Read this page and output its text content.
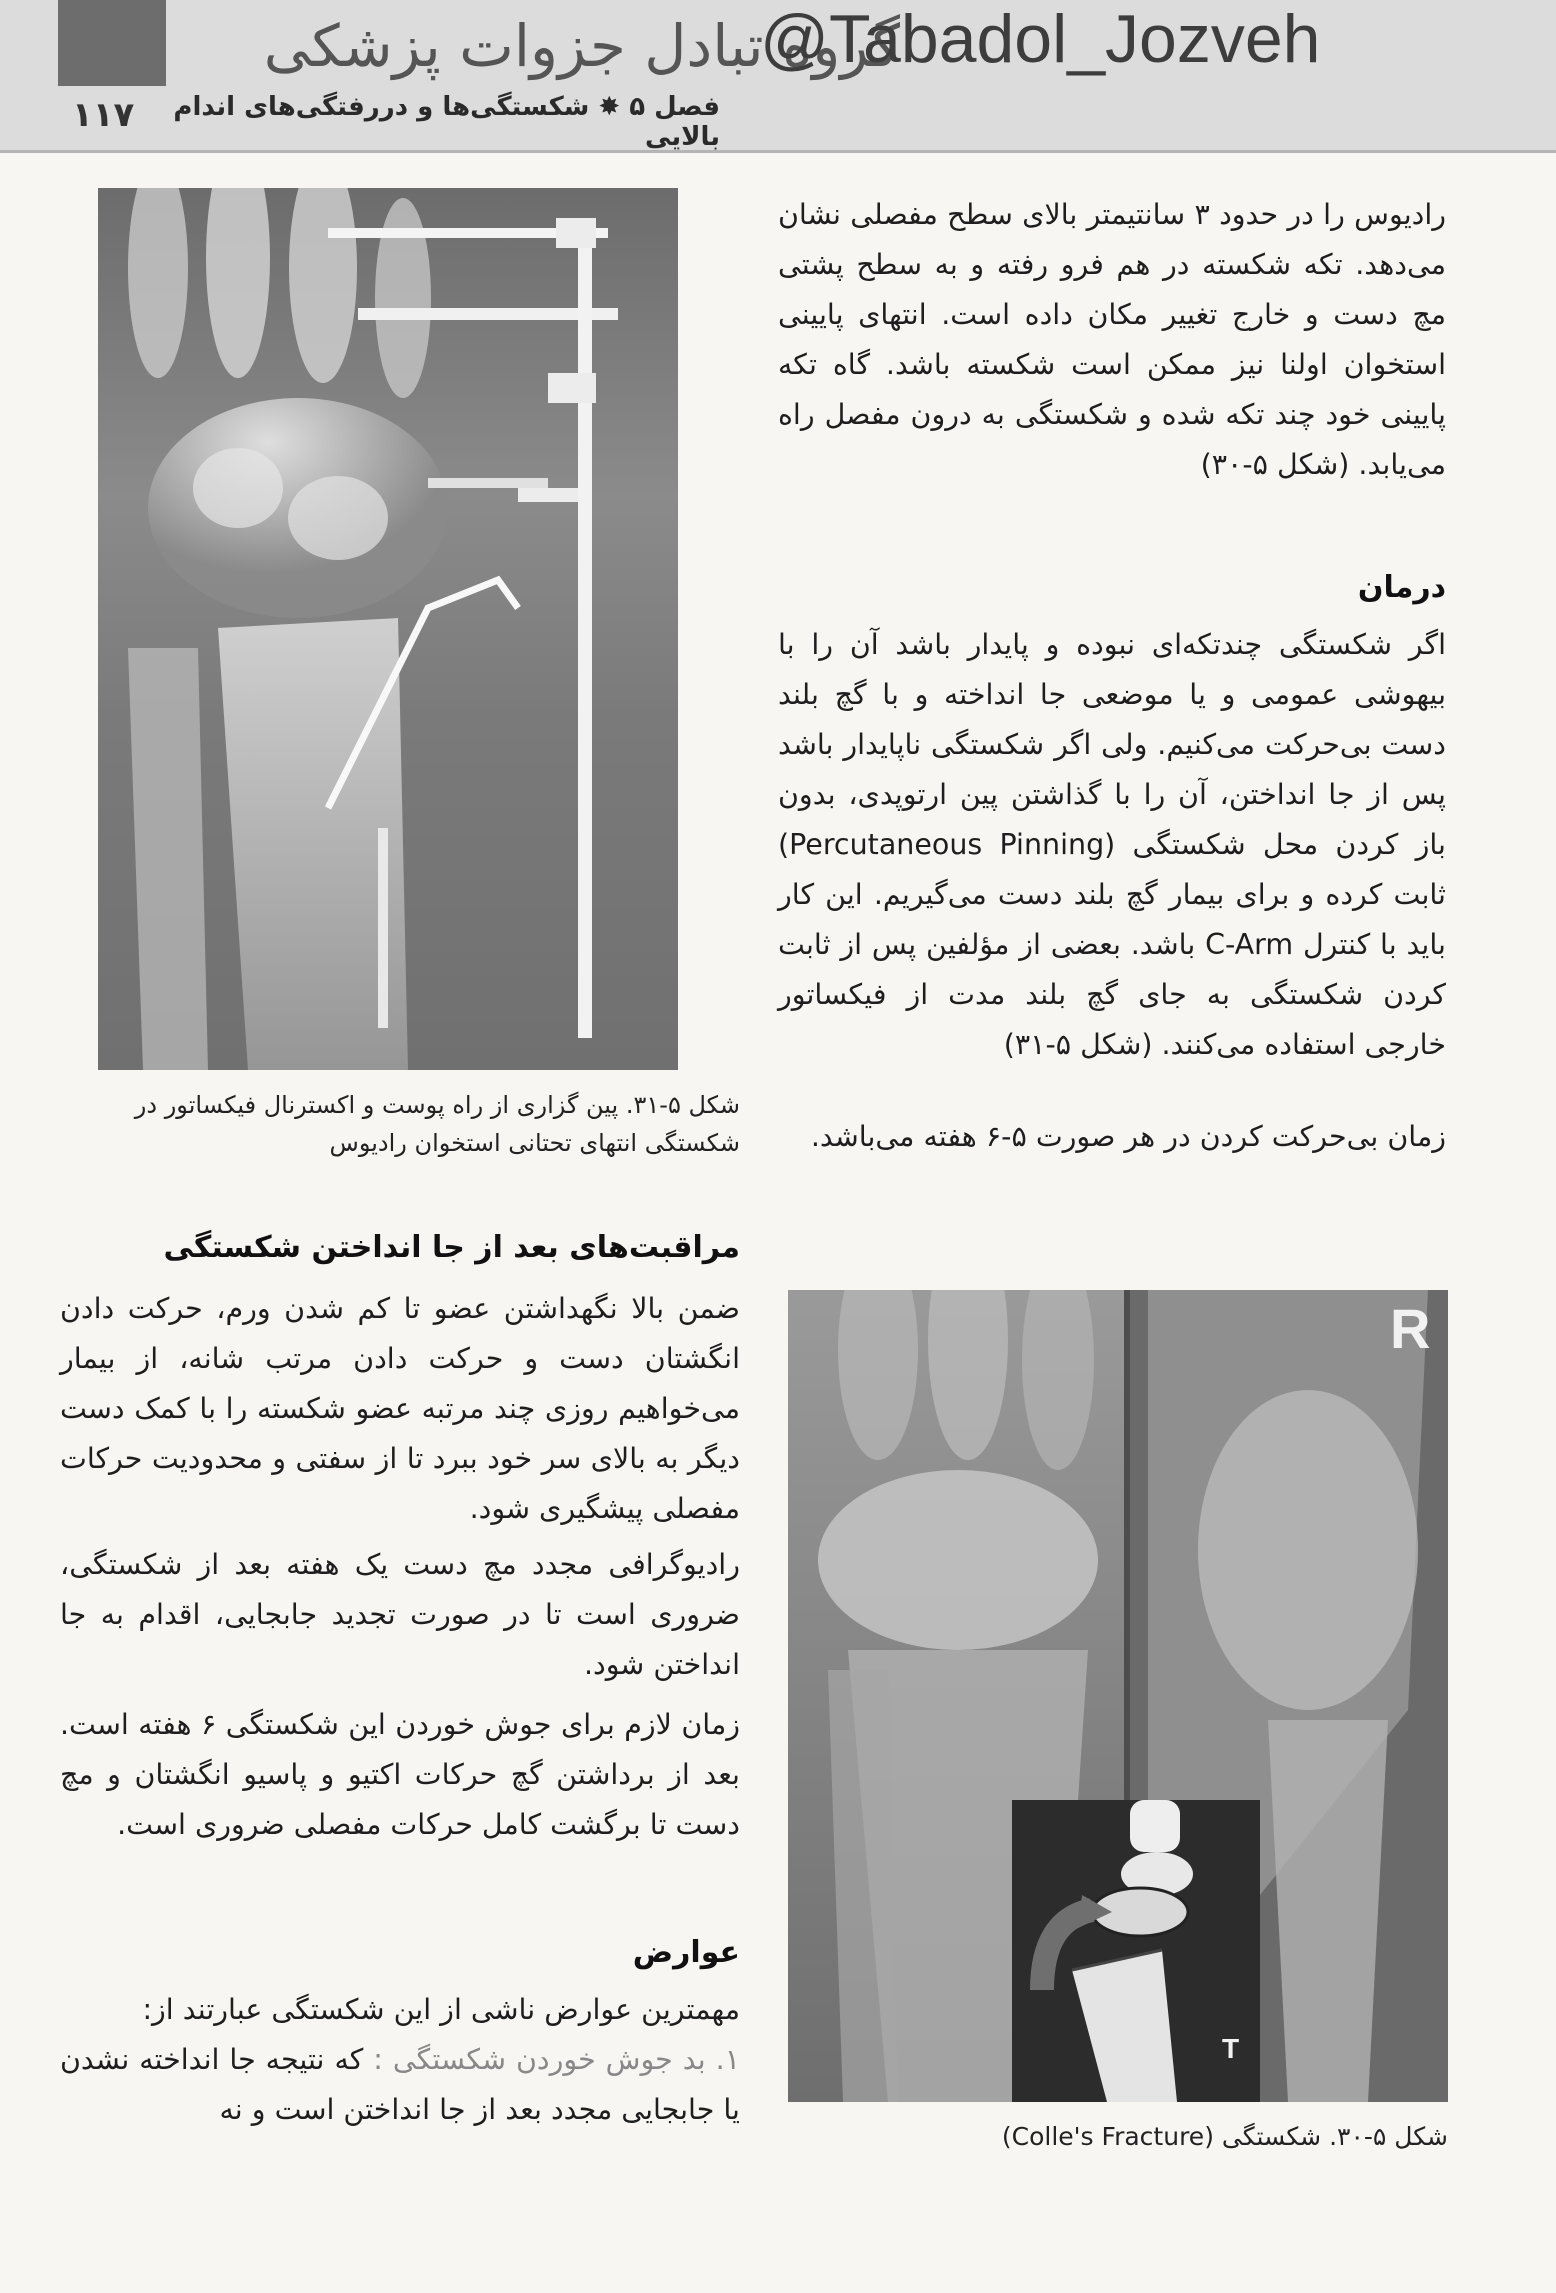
۱۱۷
گروه تبادل جزوات پزشکی
@Tabadol_Jozveh
فصل ۵ ✸ شکستگی‌ها و دررفتگی‌های اندام بالایی
رادیوس را در حدود ۳ سانتیمتر بالای سطح مفصلی نشان می‌دهد. تکه شکسته در هم فرو رفته و به سطح پشتی مچ دست و خارج تغییر مکان داده است. انتهای پایینی استخوان اولنا نیز ممکن است شکسته باشد. گاه تکه پایینی خود چند تکه شده و شکستگی به درون مفصل راه می‌یابد. (شکل ۵-۳۰)
درمان
اگر شکستگی چندتکه‌ای نبوده و پایدار باشد آن را با بیهوشی عمومی و یا موضعی جا انداخته و با گچ بلند دست بی‌حرکت می‌کنیم. ولی اگر شکستگی ناپایدار باشد پس از جا انداختن، آن را با گذاشتن پین ارتوپدی، بدون باز کردن محل شکستگی (Percutaneous Pinning) ثابت کرده و برای بیمار گچ بلند دست می‌گیریم. این کار باید با کنترل C-Arm باشد. بعضی از مؤلفین پس از ثابت کردن شکستگی به جای گچ بلند مدت از فیکساتور خارجی استفاده می‌کنند. (شکل ۵-۳۱)
زمان بی‌حرکت کردن در هر صورت ۵-۶ هفته می‌باشد.
شکل ۵-۳۱. پین گزاری از راه پوست و اکسترنال فیکساتور در شکستگی انتهای تحتانی استخوان رادیوس
مراقبت‌های بعد از جا انداختن شکستگی
ضمن بالا نگهداشتن عضو تا کم شدن ورم، حرکت دادن انگشتان دست و حرکت دادن مرتب شانه، از بیمار می‌خواهیم روزی چند مرتبه عضو شکسته را با کمک دست دیگر به بالای سر خود ببرد تا از سفتی و محدودیت حرکات مفصلی پیشگیری شود.
رادیوگرافی مجدد مچ دست یک هفته بعد از شکستگی، ضروری است تا در صورت تجدید جابجایی، اقدام به جا انداختن شود.
زمان لازم برای جوش خوردن این شکستگی ۶ هفته است. بعد از برداشتن گچ حرکات اکتیو و پاسیو انگشتان و مچ دست تا برگشت کامل حرکات مفصلی ضروری است.
عوارض
مهمترین عوارض ناشی از این شکستگی عبارتند از:
۱. بد جوش خوردن شکستگی : که نتیجه جا انداخته نشدن یا جابجایی مجدد بعد از جا انداختن است و نه
R
T
شکل ۵-۳۰. شکستگی (Colle's Fracture)
